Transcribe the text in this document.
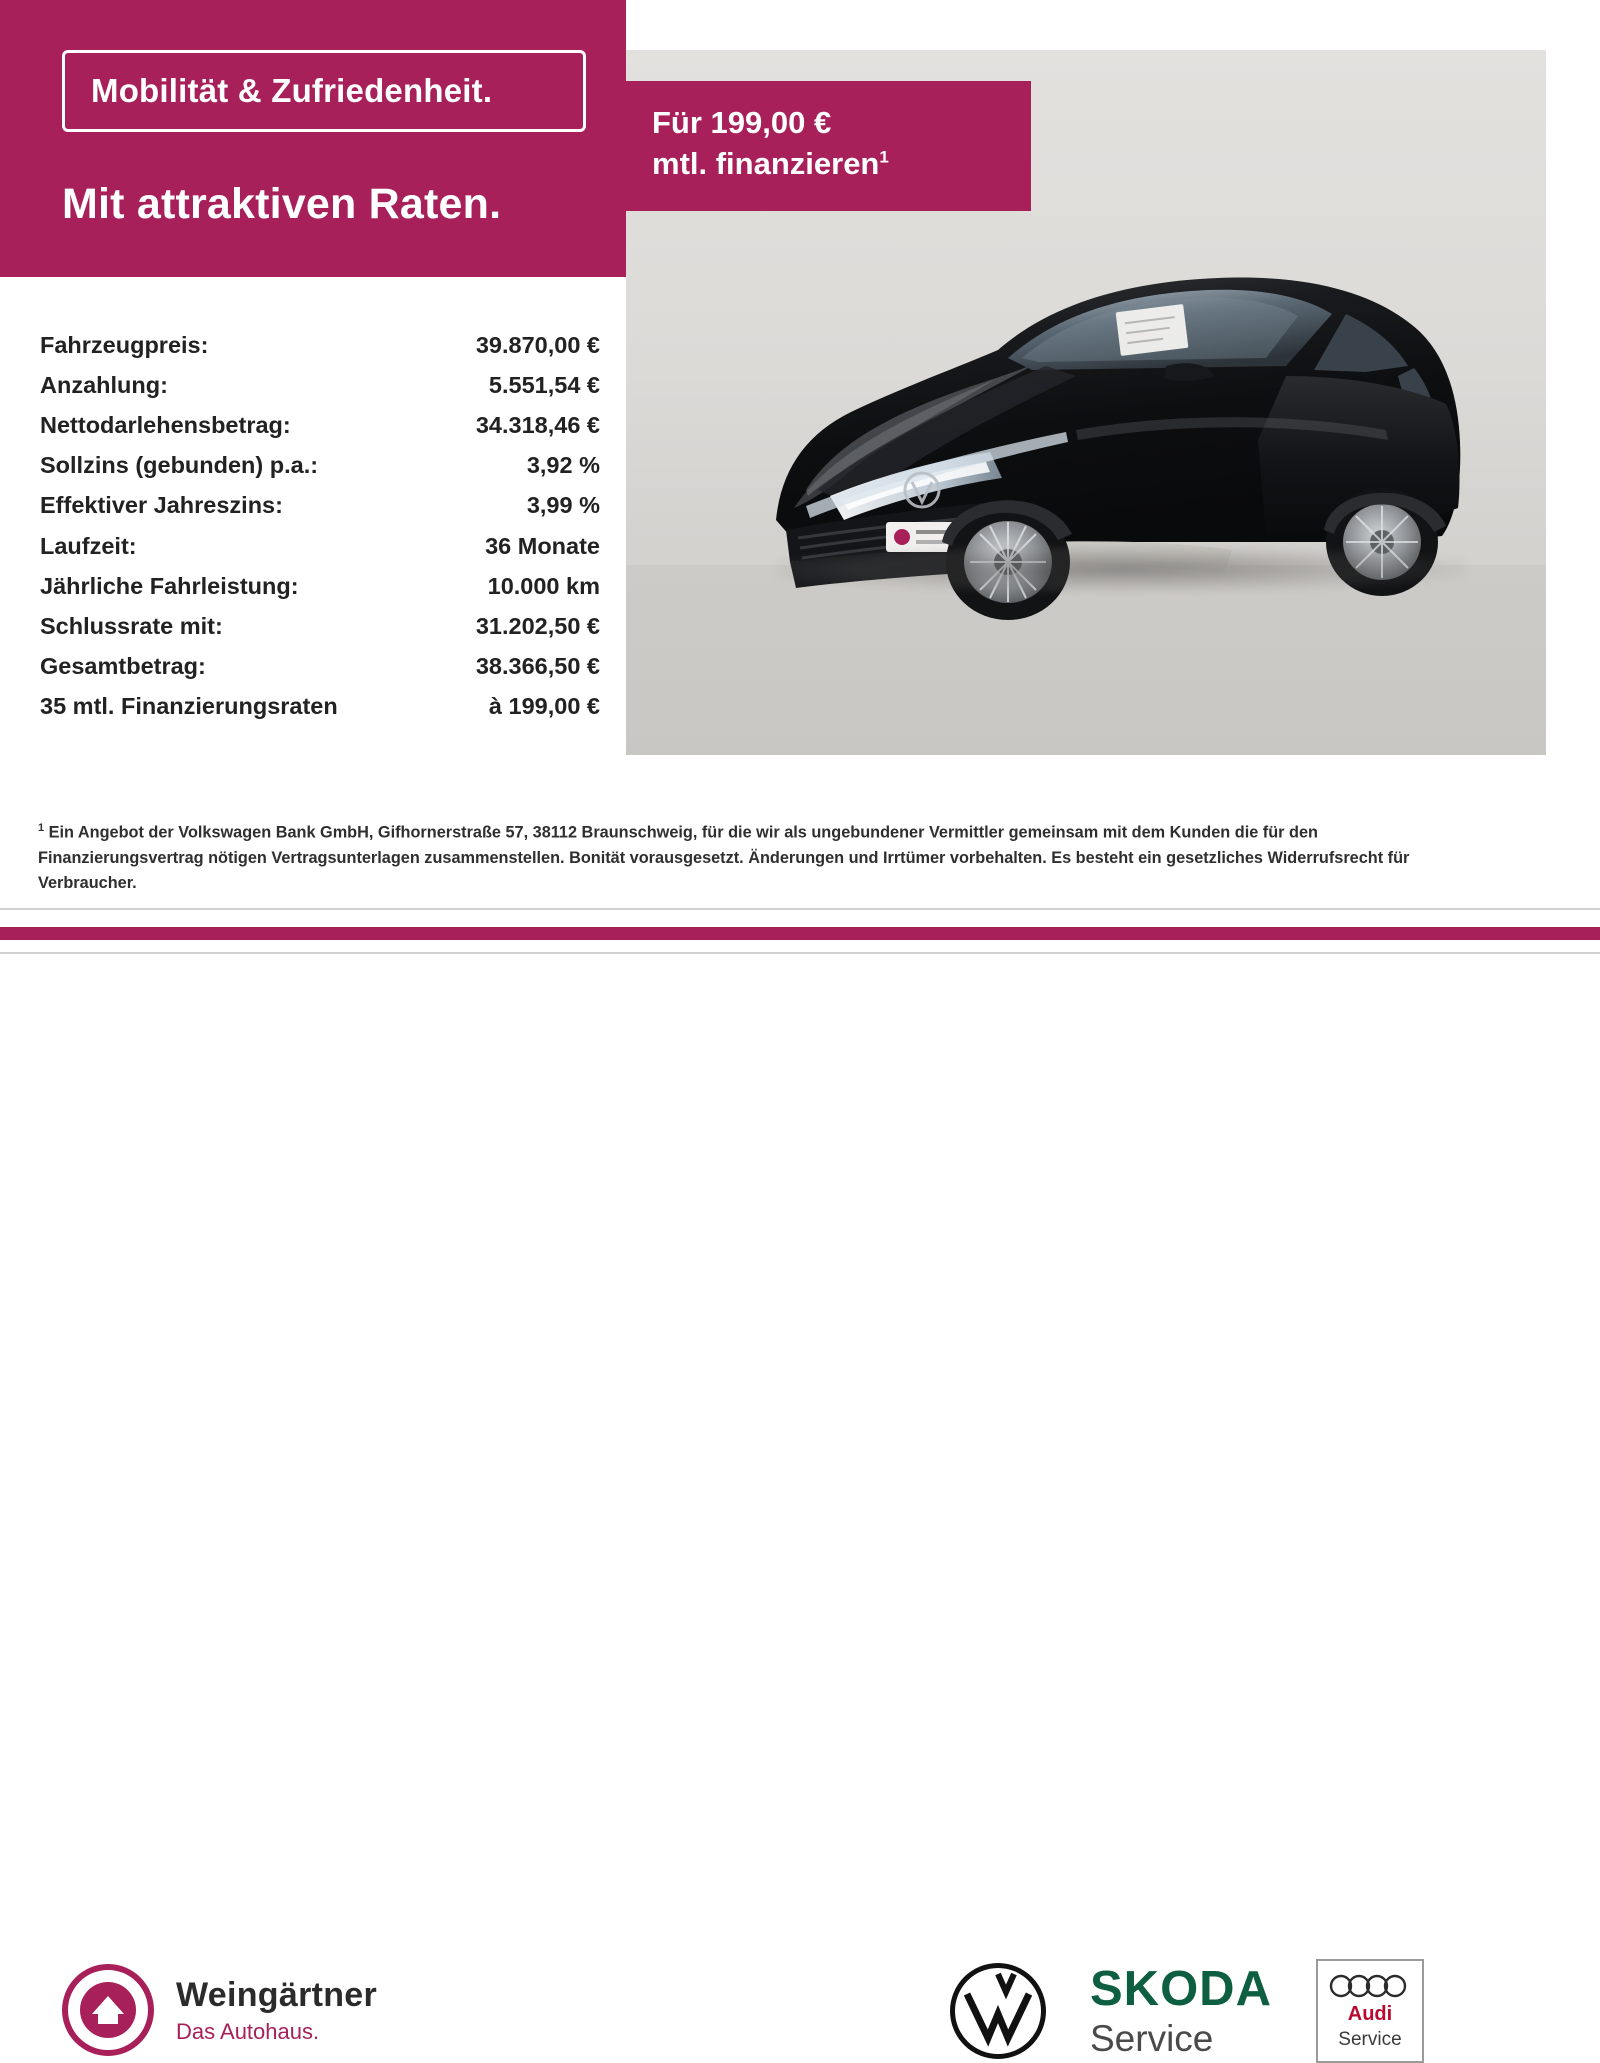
Mobilität & Zufriedenheit.
Mit attraktiven Raten.
Für 199,00 €
mtl. finanzieren$^1$
Fahrzeugpreis:	39.870,00 €
Anzahlung:	5.551,54 €
Nettodarlehensbetrag:	34.318,46 €
Sollzins (gebunden) p.a.:	3,92 %
Effektiver Jahreszins:	3,99 %
Laufzeit:	36 Monate
Jährliche Fahrleistung:	10.000 km
Schlussrate mit:	31.202,50 €
Gesamtbetrag:	38.366,50 €
35 mtl. Finanzierungsraten	à 199,00 €
$^1$ Ein Angebot der Volkswagen Bank GmbH, Gifhornerstraße 57, 38112 Braunschweig, für die wir als ungebundener Vermittler gemeinsam mit dem Kunden die für den Finanzierungsvertrag nötigen Vertragsunterlagen zusammenstellen. Bonität vorausgesetzt. Änderungen und Irrtümer vorbehalten. Es besteht ein gesetzliches Widerrufsrecht für Verbraucher.
Weingärtner
Das Autohaus.
SKODA
Service
Audi
Service
